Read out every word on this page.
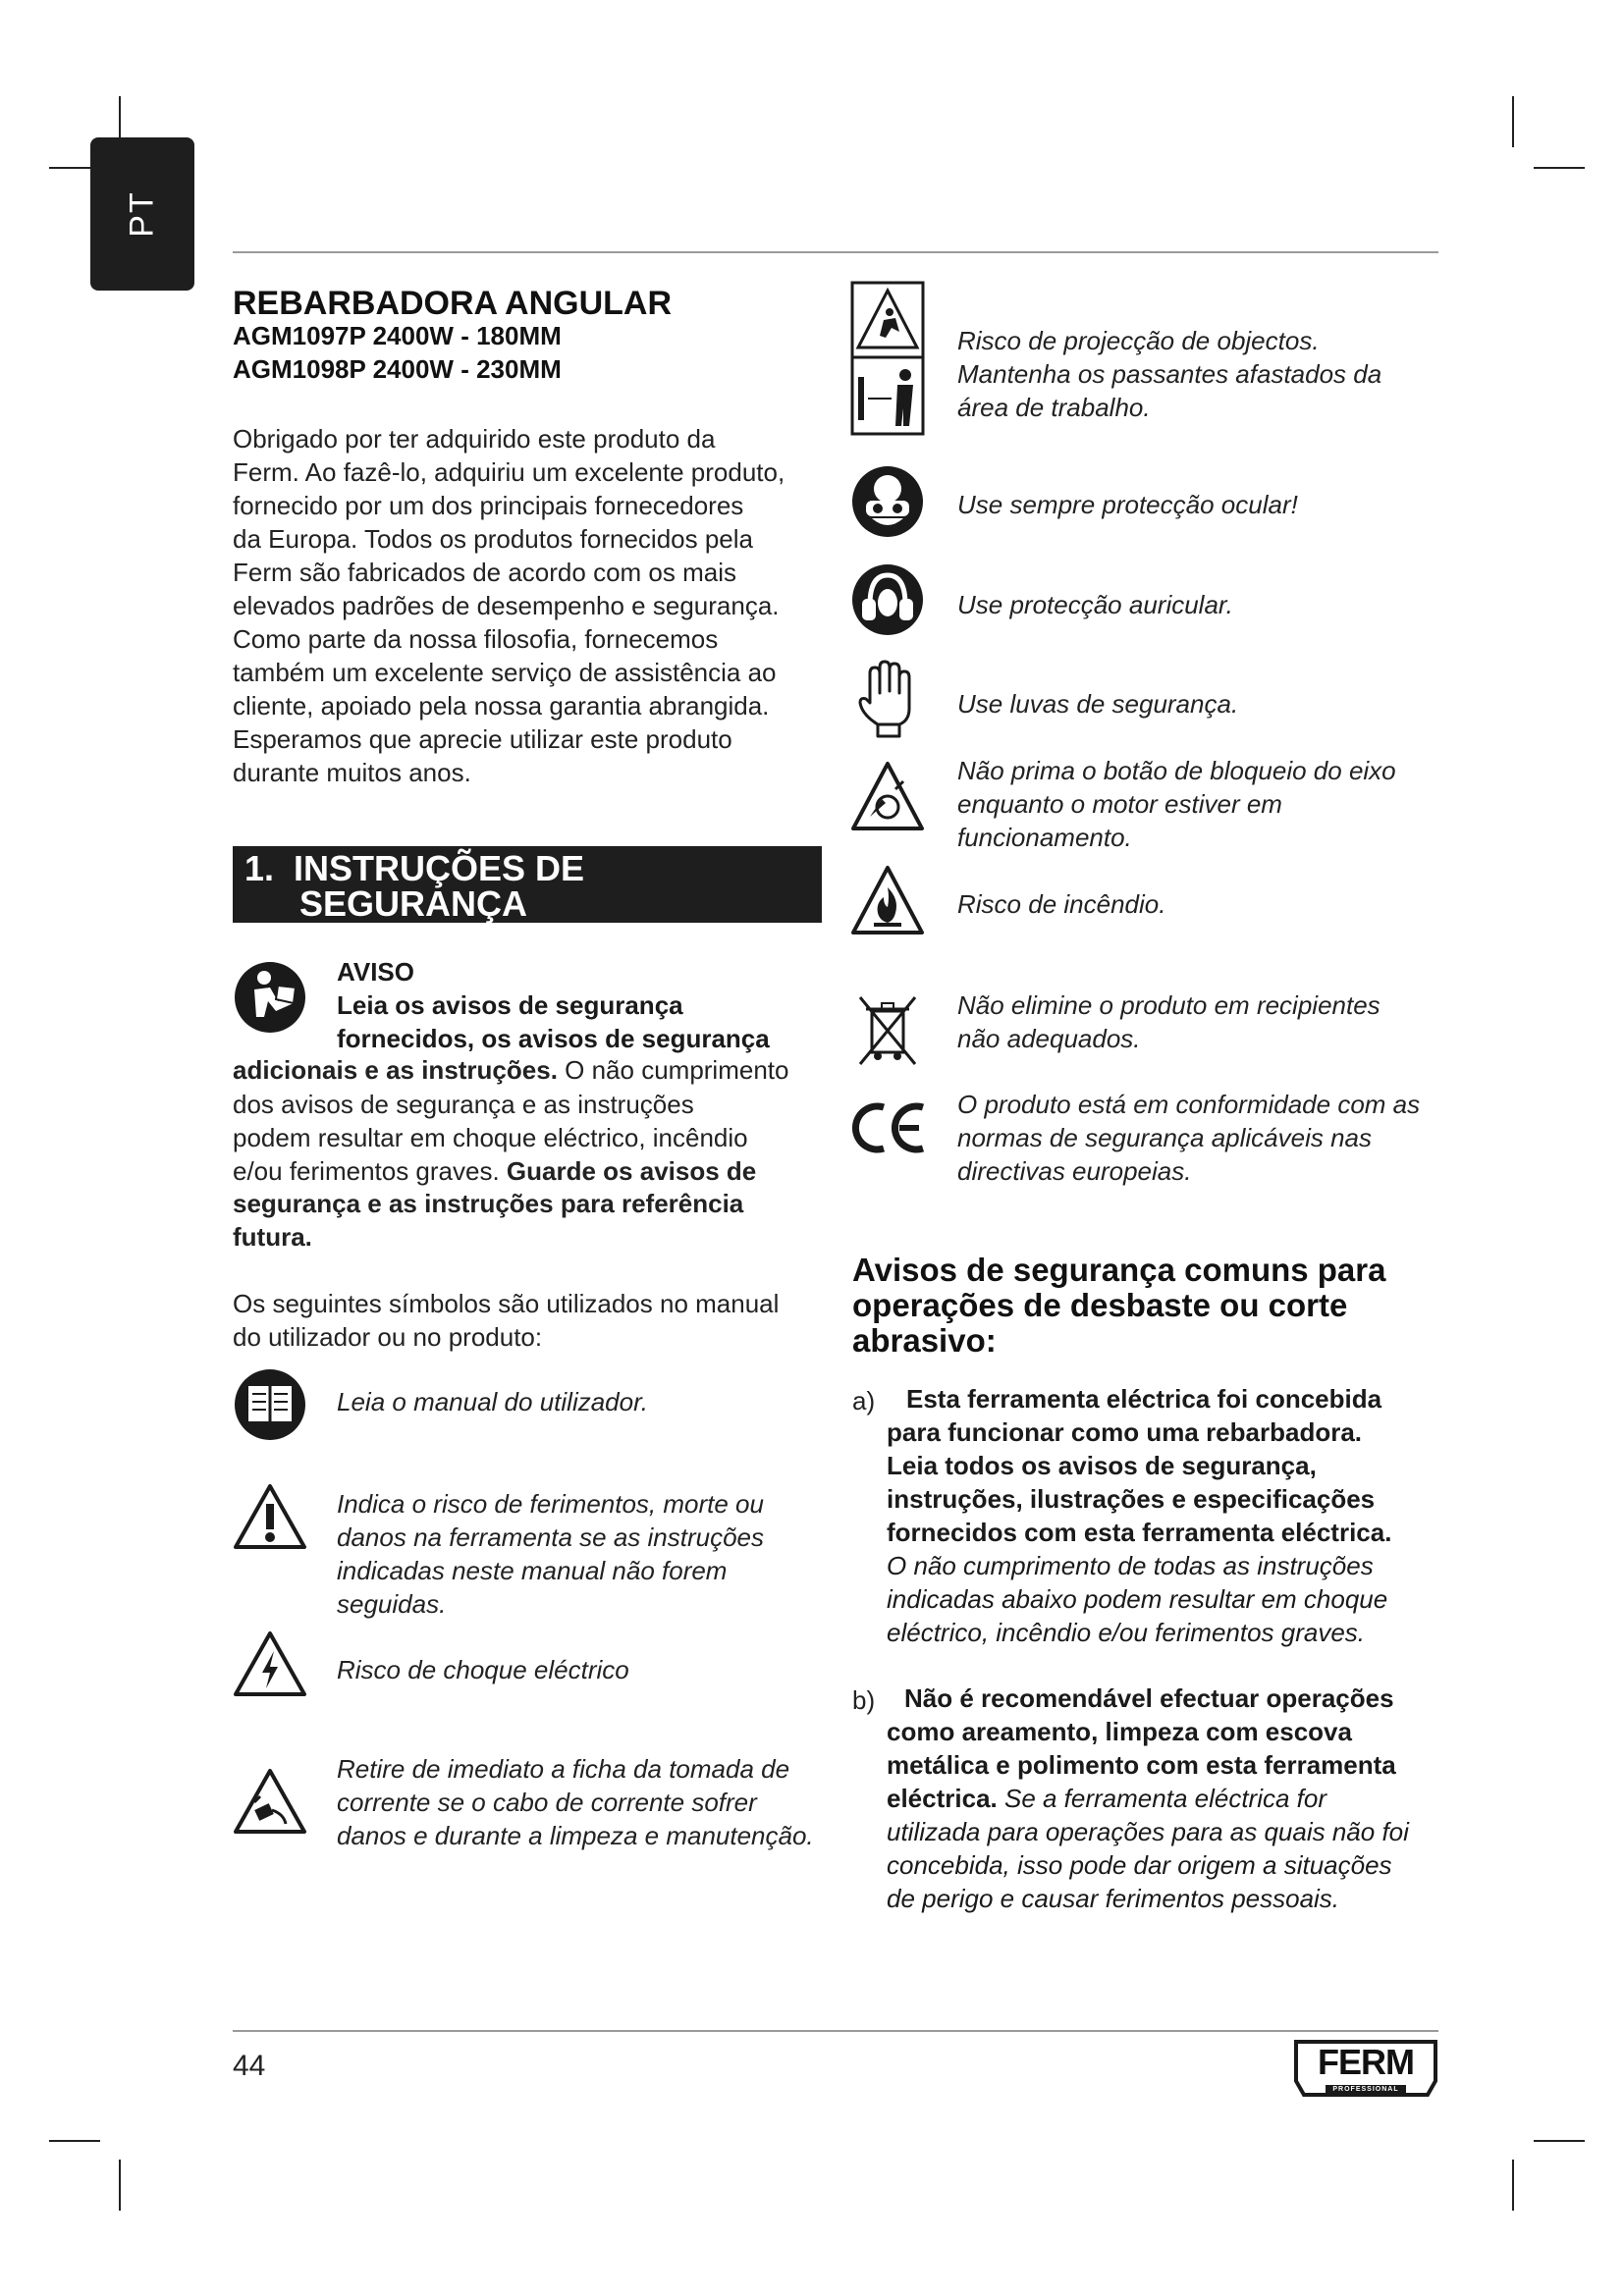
PT
REBARBADORA ANGULAR
AGM1097P 2400W - 180MM
AGM1098P 2400W - 230MM
Obrigado por ter adquirido este produto da
Ferm. Ao fazê-lo, adquiriu um excelente produto,
fornecido por um dos principais fornecedores
da Europa. Todos os produtos fornecidos pela
Ferm são fabricados de acordo com os mais
elevados padrões de desempenho e segurança.
Como parte da nossa filosofia, fornecemos
também um excelente serviço de assistência ao
cliente, apoiado pela nossa garantia abrangida.
Esperamos que aprecie utilizar este produto
durante muitos anos.
1. INSTRUÇÕES DE
SEGURANÇA
AVISO
Leia os avisos de segurança
fornecidos, os avisos de segurança
adicionais e as instruções. O não cumprimento
dos avisos de segurança e as instruções
podem resultar em choque eléctrico, incêndio
e/ou ferimentos graves. Guarde os avisos de
segurança e as instruções para referência
futura.
Os seguintes símbolos são utilizados no manual
do utilizador ou no produto:
Leia o manual do utilizador.
Indica o risco de ferimentos, morte ou
danos na ferramenta se as instruções
indicadas neste manual não forem
seguidas.
Risco de choque eléctrico
Retire de imediato a ficha da tomada de
corrente se o cabo de corrente sofrer
danos e durante a limpeza e manutenção.
Risco de projecção de objectos.
Mantenha os passantes afastados da
área de trabalho.
Use sempre protecção ocular!
Use protecção auricular.
Use luvas de segurança.
Não prima o botão de bloqueio do eixo
enquanto o motor estiver em
funcionamento.
Risco de incêndio.
Não elimine o produto em recipientes
não adequados.
O produto está em conformidade com as
normas de segurança aplicáveis nas
directivas europeias.
Avisos de segurança comuns para
operações de desbaste ou corte
abrasivo:
a) Esta ferramenta eléctrica foi concebida
para funcionar como uma rebarbadora.
Leia todos os avisos de segurança,
instruções, ilustrações e especificações
fornecidos com esta ferramenta eléctrica.
O não cumprimento de todas as instruções
indicadas abaixo podem resultar em choque
eléctrico, incêndio e/ou ferimentos graves.
b) Não é recomendável efectuar operações
como areamento, limpeza com escova
metálica e polimento com esta ferramenta
eléctrica. Se a ferramenta eléctrica for
utilizada para operações para as quais não foi
concebida, isso pode dar origem a situações
de perigo e causar ferimentos pessoais.
44	FERM
PROFESSIONAL
